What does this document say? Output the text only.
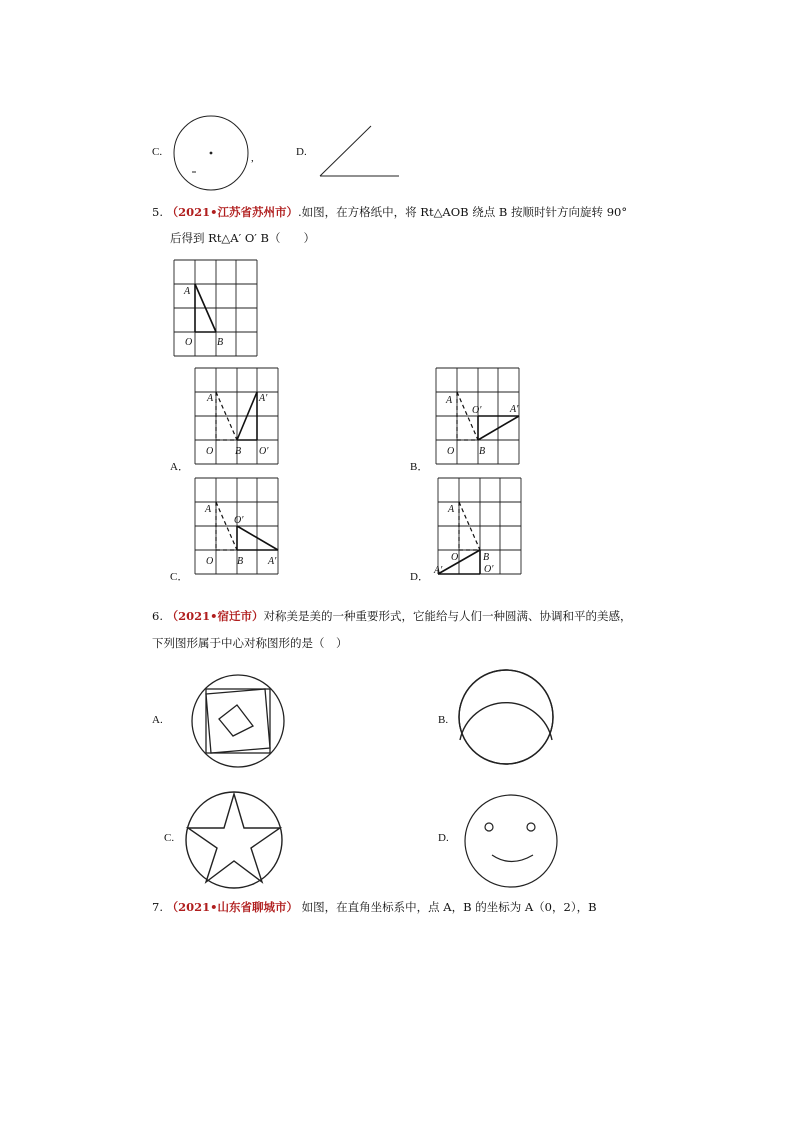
C.	,	D.
5. （2021•江苏省苏州市）.如图，在方格纸中，将 Rt△AOB 绕点 B 按顺时针方向旋转 90°
后得到 Rt△A′ O′ B（　　）
A
O B
A．
A	A′
O B O′
B．
A
O′	A′
O B
C．
A
O′
O B A′
D．
A
O B
A′	O′
6. （2021•宿迁市）对称美是美的一种重要形式，它能给与人们一种圆满、协调和平的美感，
下列图形属于中心对称图形的是（　）
A.	B.
C.	D.
7. （2021•山东省聊城市） 如图，在直角坐标系中，点 A，B 的坐标为 A（0，2），B
